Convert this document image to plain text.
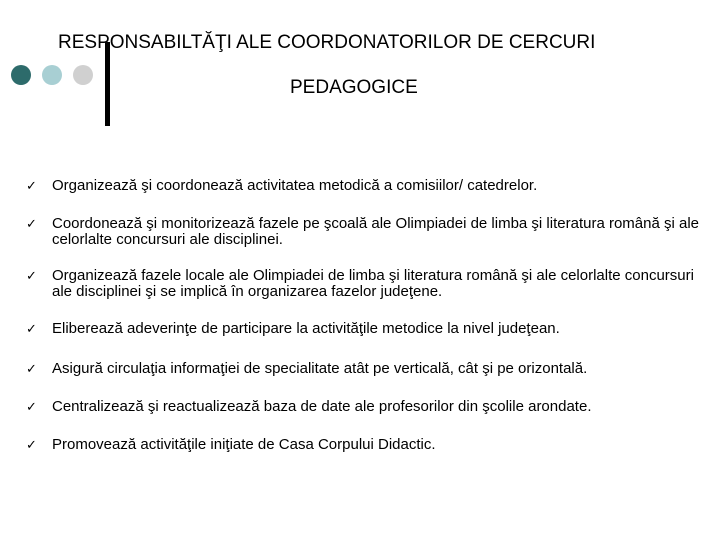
RESPONSABILTĂŢI ALE COORDONATORILOR DE CERCURI
PEDAGOGICE
✓ Organizează şi coordonează activitatea metodică a comisiilor/ catedrelor.
✓ Coordonează şi monitorizează fazele pe şcoală ale Olimpiadei de limba şi literatura română şi ale celorlalte concursuri ale disciplinei.
✓ Organizează fazele locale ale Olimpiadei de limba şi literatura română şi ale celorlalte concursuri ale disciplinei şi se implică în organizarea fazelor judeţene.
✓ Eliberează adeverinţe de participare la activităţile metodice la nivel judeţean.
✓ Asigură circulaţia informaţiei de specialitate atât pe verticală, cât şi pe orizontală.
✓ Centralizează şi reactualizează baza de date ale profesorilor din şcolile arondate.
✓ Promovează activităţile iniţiate de Casa Corpului Didactic.
